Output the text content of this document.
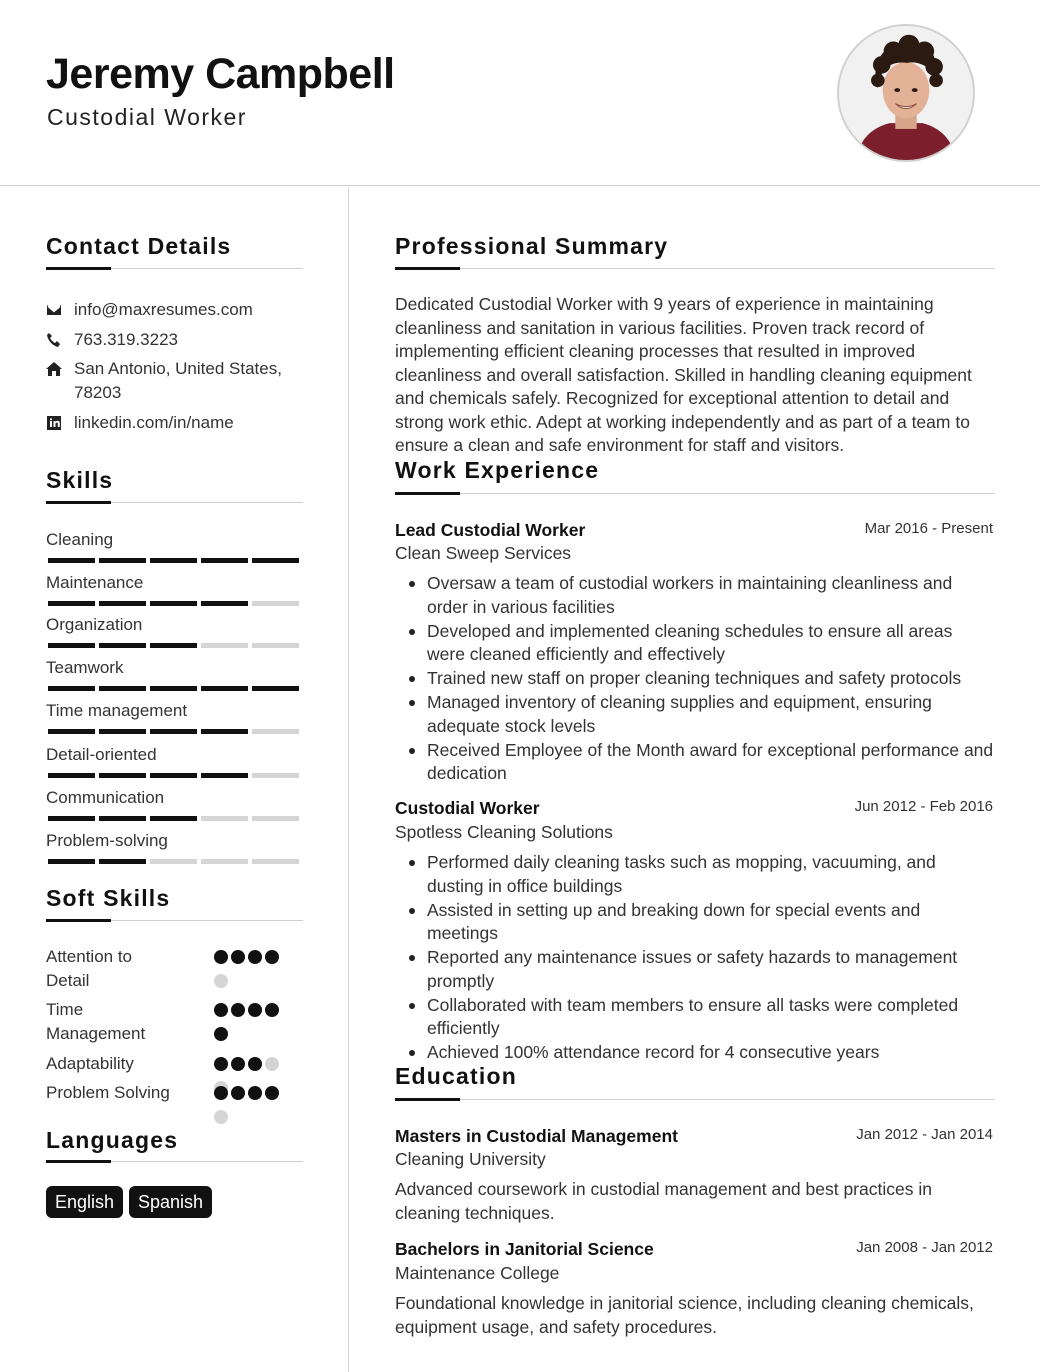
Jeremy Campbell
Custodial Worker
Contact Details
info@maxresumes.com
763.319.3223
San Antonio, United States, 78203
linkedin.com/in/name
Skills
Cleaning
Maintenance
Organization
Teamwork
Time management
Detail-oriented
Communication
Problem-solving
Soft Skills
Attention to Detail
Time Management
Adaptability
Problem Solving
Languages
English	Spanish
Professional Summary
Dedicated Custodial Worker with 9 years of experience in maintaining cleanliness and sanitation in various facilities. Proven track record of implementing efficient cleaning processes that resulted in improved cleanliness and overall satisfaction. Skilled in handling cleaning equipment and chemicals safely. Recognized for exceptional attention to detail and strong work ethic. Adept at working independently and as part of a team to ensure a clean and safe environment for staff and visitors.
Work Experience
Lead Custodial Worker	Mar 2016 - Present
Clean Sweep Services
Oversaw a team of custodial workers in maintaining cleanliness and order in various facilities
Developed and implemented cleaning schedules to ensure all areas were cleaned efficiently and effectively
Trained new staff on proper cleaning techniques and safety protocols
Managed inventory of cleaning supplies and equipment, ensuring adequate stock levels
Received Employee of the Month award for exceptional performance and dedication
Custodial Worker	Jun 2012 - Feb 2016
Spotless Cleaning Solutions
Performed daily cleaning tasks such as mopping, vacuuming, and dusting in office buildings
Assisted in setting up and breaking down for special events and meetings
Reported any maintenance issues or safety hazards to management promptly
Collaborated with team members to ensure all tasks were completed efficiently
Achieved 100% attendance record for 4 consecutive years
Education
Masters in Custodial Management	Jan 2012 - Jan 2014
Cleaning University
Advanced coursework in custodial management and best practices in cleaning techniques.
Bachelors in Janitorial Science	Jan 2008 - Jan 2012
Maintenance College
Foundational knowledge in janitorial science, including cleaning chemicals, equipment usage, and safety procedures.
